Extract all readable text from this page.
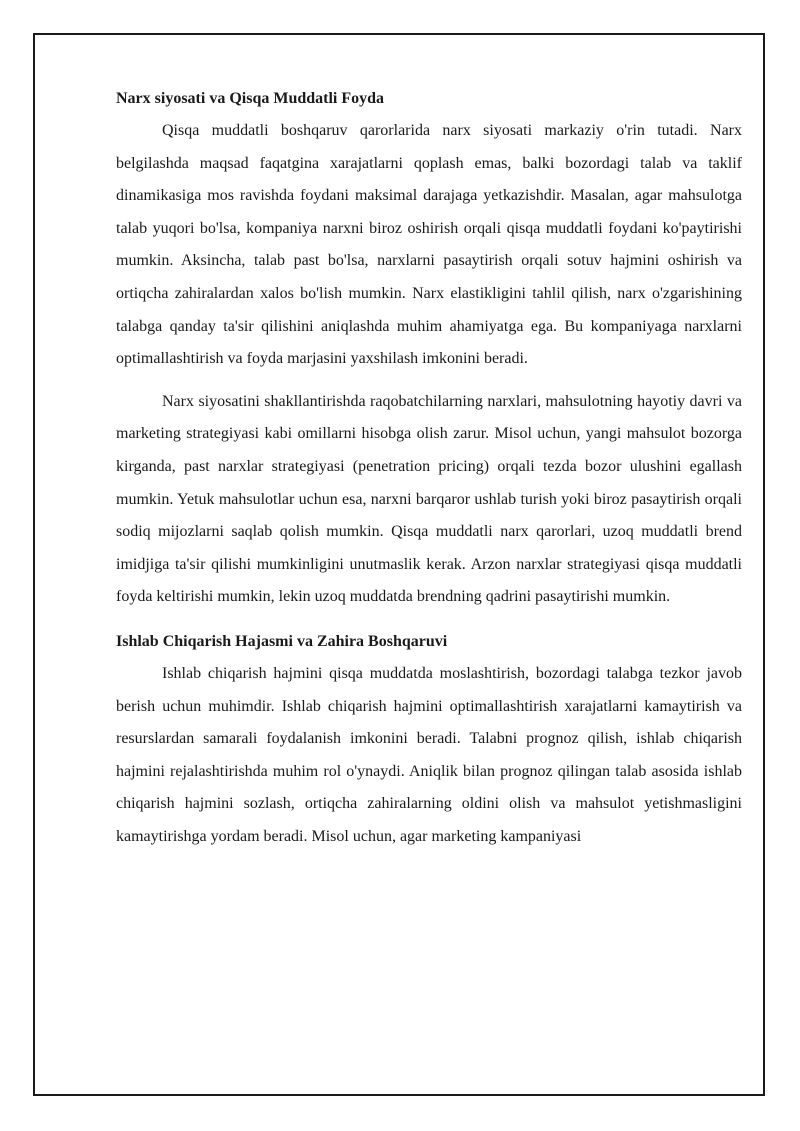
Narx siyosati va Qisqa Muddatli Foyda

Qisqa muddatli boshqaruv qarorlarida narx siyosati markaziy o'rin tutadi. Narx belgilashda maqsad faqatgina xarajatlarni qoplash emas, balki bozordagi talab va taklif dinamikasiga mos ravishda foydani maksimal darajaga yetkazishdir. Masalan, agar mahsulotga talab yuqori bo'lsa, kompaniya narxni biroz oshirish orqali qisqa muddatli foydani ko'paytirishi mumkin. Aksincha, talab past bo'lsa, narxlarni pasaytirish orqali sotuv hajmini oshirish va ortiqcha zahiralardan xalos bo'lish mumkin. Narx elastikligini tahlil qilish, narx o'zgarishining talabga qanday ta'sir qilishini aniqlashda muhim ahamiyatga ega. Bu kompaniyaga narxlarni optimallashtirish va foyda marjasini yaxshilash imkonini beradi.

Narx siyosatini shakllantirishda raqobatchilarning narxlari, mahsulotning hayotiy davri va marketing strategiyasi kabi omillarni hisobga olish zarur. Misol uchun, yangi mahsulot bozorga kirganda, past narxlar strategiyasi (penetration pricing) orqali tezda bozor ulushini egallash mumkin. Yetuk mahsulotlar uchun esa, narxni barqaror ushlab turish yoki biroz pasaytirish orqali sodiq mijozlarni saqlab qolish mumkin. Qisqa muddatli narx qarorlari, uzoq muddatli brend imidjiga ta'sir qilishi mumkinligini unutmaslik kerak. Arzon narxlar strategiyasi qisqa muddatli foyda keltirishi mumkin, lekin uzoq muddatda brendning qadrini pasaytirishi mumkin.

Ishlab Chiqarish Hajasmi va Zahira Boshqaruvi

Ishlab chiqarish hajmini qisqa muddatda moslashtirish, bozordagi talabga tezkor javob berish uchun muhimdir. Ishlab chiqarish hajmini optimallashtirish xarajatlarni kamaytirish va resurslardan samarali foydalanish imkonini beradi. Talabni prognoz qilish, ishlab chiqarish hajmini rejalashtirishda muhim rol o'ynaydi. Aniqlik bilan prognoz qilingan talab asosida ishlab chiqarish hajmini sozlash, ortiqcha zahiralarning oldini olish va mahsulot yetishmasligini kamaytirishga yordam beradi. Misol uchun, agar marketing kampaniyasi
